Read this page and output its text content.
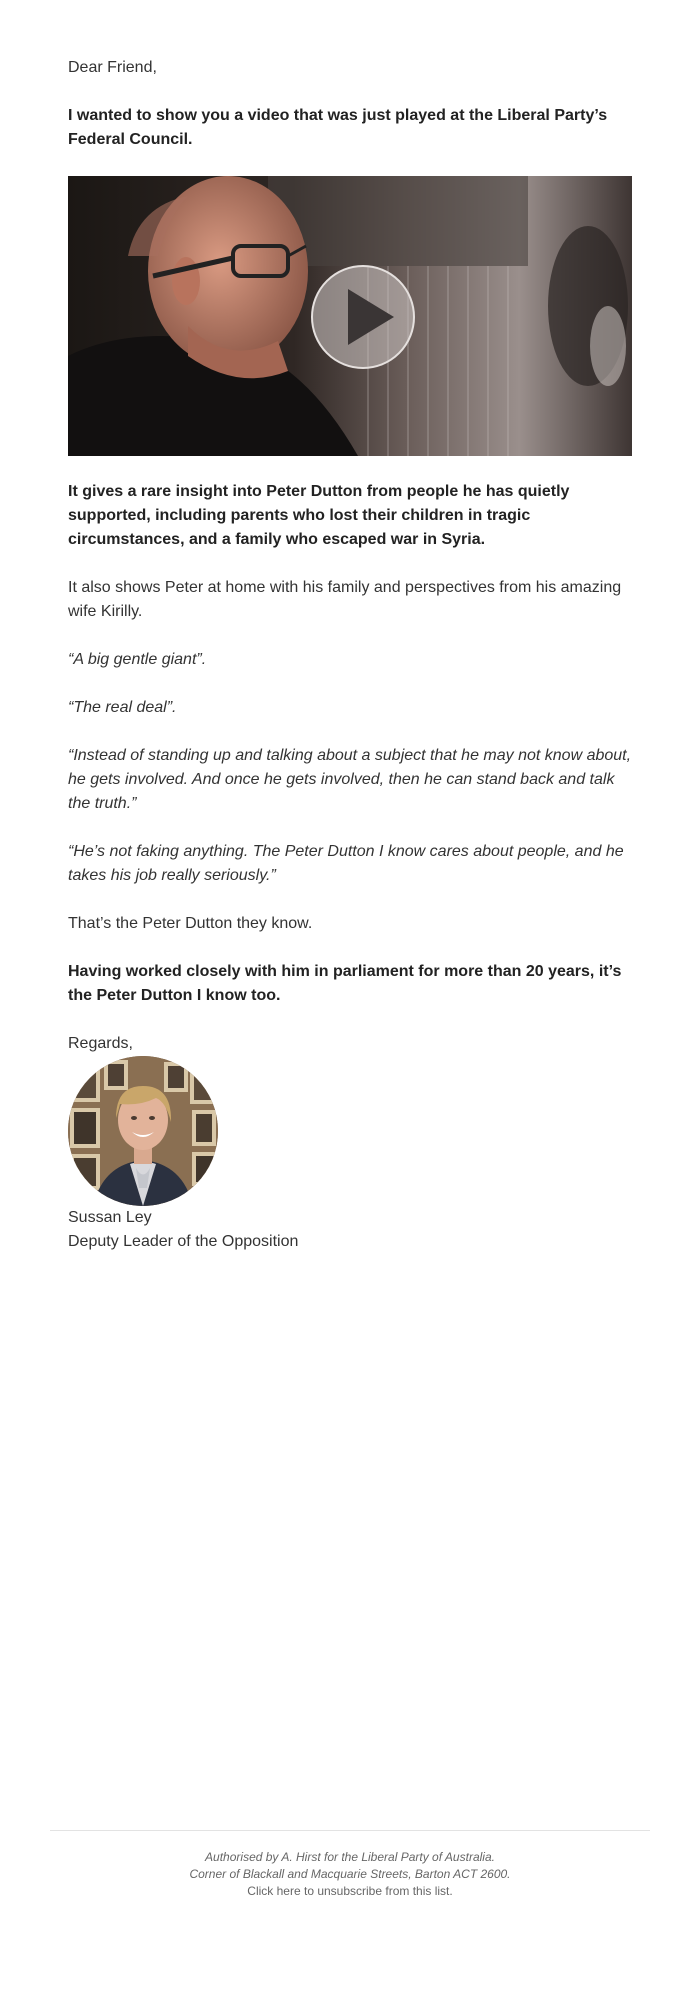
Dear Friend,

I wanted to show you a video that was just played at the Liberal Party’s Federal Council.

It gives a rare insight into Peter Dutton from people he has quietly supported, including parents who lost their children in tragic circumstances, and a family who escaped war in Syria.

It also shows Peter at home with his family and perspectives from his amazing wife Kirilly.

“A big gentle giant”.

“The real deal”.

“Instead of standing up and talking about a subject that he may not know about, he gets involved. And once he gets involved, then he can stand back and talk the truth.”

“He’s not faking anything. The Peter Dutton I know cares about people, and he takes his job really seriously.”

That’s the Peter Dutton they know.

Having worked closely with him in parliament for more than 20 years, it’s the Peter Dutton I know too.

Regards,

Sussan Ley

Deputy Leader of the Opposition

Authorised by A. Hirst for the Liberal Party of Australia.
Corner of Blackall and Macquarie Streets, Barton ACT 2600.
Click here to unsubscribe from this list.
